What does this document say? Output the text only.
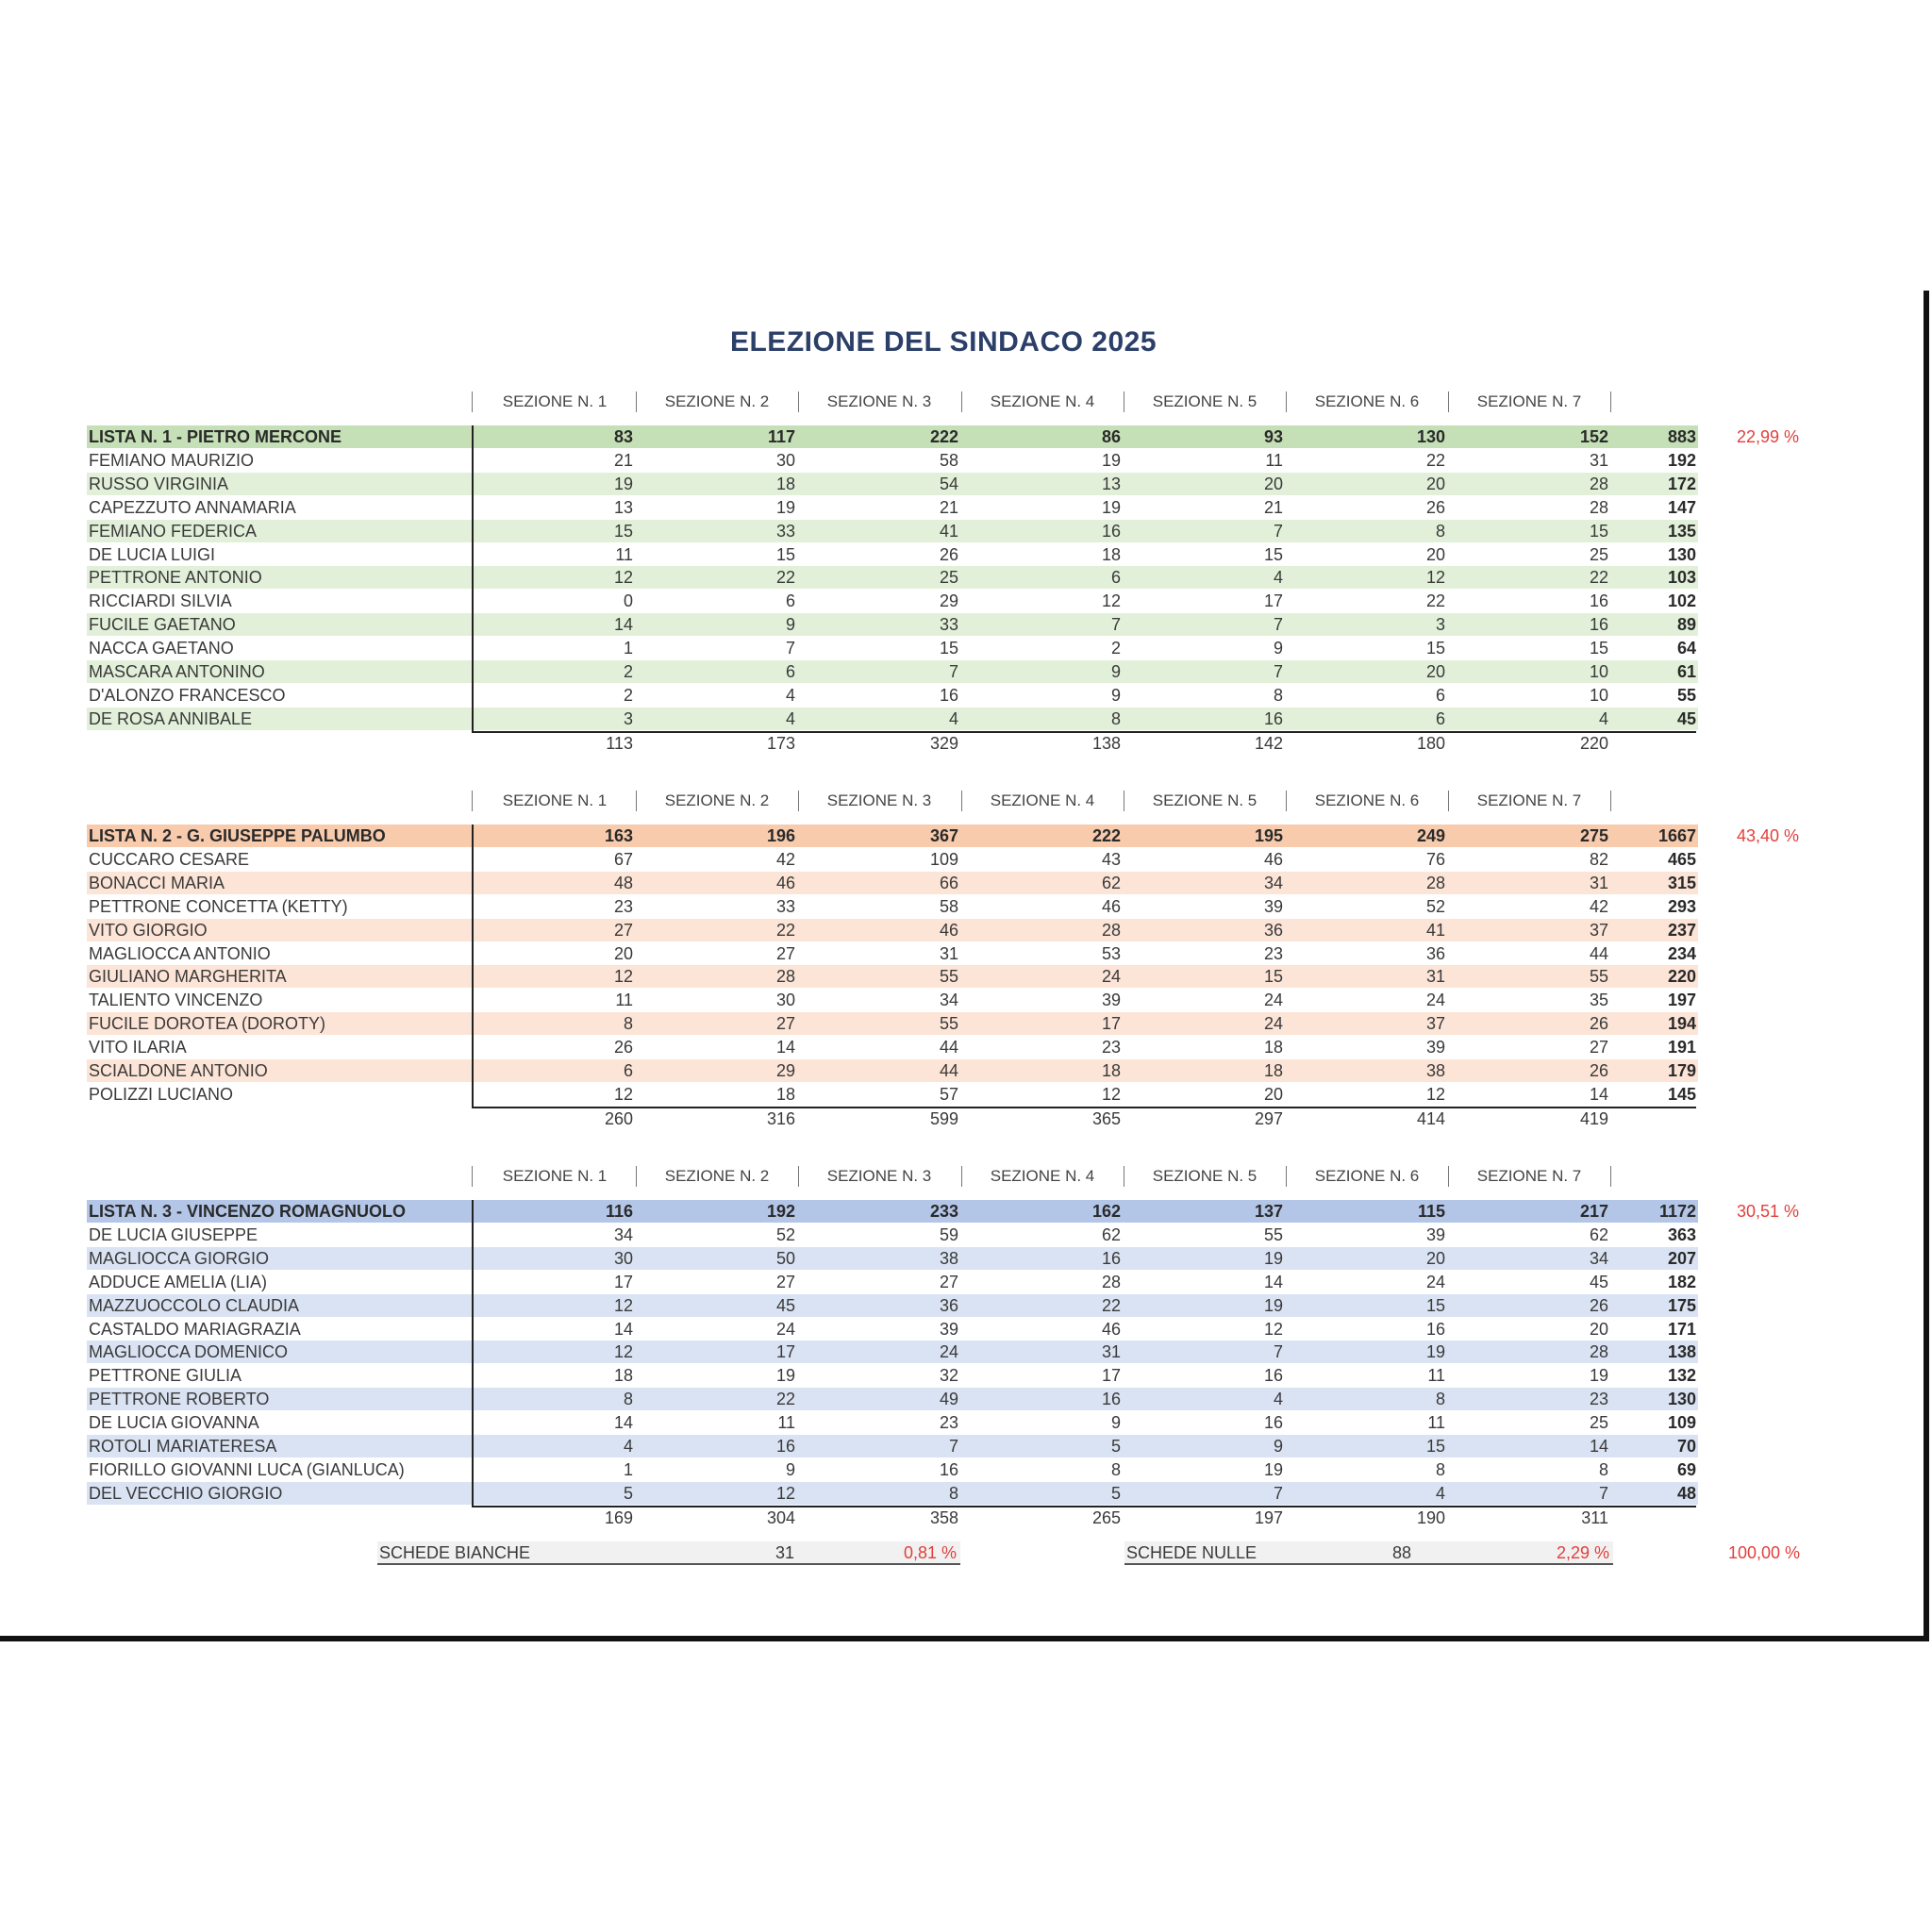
ELEZIONE DEL SINDACO 2025
SCHEDE BIANCHE	31	0,81 %	SCHEDE NULLE	88	2,29 %	100,00 %
SEZIONE N. 1	SEZIONE N. 2	SEZIONE N. 3	SEZIONE N. 4	SEZIONE N. 5	SEZIONE N. 6	SEZIONE N. 7
LISTA N. 1 - PIETRO MERCONE	83	117	222	86	93	130	152	883	22,99 %
FEMIANO MAURIZIO	21	30	58	19	11	22	31	192
RUSSO VIRGINIA	19	18	54	13	20	20	28	172
CAPEZZUTO ANNAMARIA	13	19	21	19	21	26	28	147
FEMIANO FEDERICA	15	33	41	16	7	8	15	135
DE LUCIA LUIGI	11	15	26	18	15	20	25	130
PETTRONE ANTONIO	12	22	25	6	4	12	22	103
RICCIARDI SILVIA	0	6	29	12	17	22	16	102
FUCILE GAETANO	14	9	33	7	7	3	16	89
NACCA GAETANO	1	7	15	2	9	15	15	64
MASCARA ANTONINO	2	6	7	9	7	20	10	61
D'ALONZO FRANCESCO	2	4	16	9	8	6	10	55
DE ROSA ANNIBALE	3	4	4	8	16	6	4	45
113	173	329	138	142	180	220
SEZIONE N. 1	SEZIONE N. 2	SEZIONE N. 3	SEZIONE N. 4	SEZIONE N. 5	SEZIONE N. 6	SEZIONE N. 7
LISTA N. 2 - G. GIUSEPPE PALUMBO	163	196	367	222	195	249	275	1667	43,40 %
CUCCARO CESARE	67	42	109	43	46	76	82	465
BONACCI MARIA	48	46	66	62	34	28	31	315
PETTRONE CONCETTA (KETTY)	23	33	58	46	39	52	42	293
VITO GIORGIO	27	22	46	28	36	41	37	237
MAGLIOCCA ANTONIO	20	27	31	53	23	36	44	234
GIULIANO MARGHERITA	12	28	55	24	15	31	55	220
TALIENTO VINCENZO	11	30	34	39	24	24	35	197
FUCILE DOROTEA (DOROTY)	8	27	55	17	24	37	26	194
VITO ILARIA	26	14	44	23	18	39	27	191
SCIALDONE ANTONIO	6	29	44	18	18	38	26	179
POLIZZI LUCIANO	12	18	57	12	20	12	14	145
260	316	599	365	297	414	419
SEZIONE N. 1	SEZIONE N. 2	SEZIONE N. 3	SEZIONE N. 4	SEZIONE N. 5	SEZIONE N. 6	SEZIONE N. 7
LISTA N. 3 - VINCENZO ROMAGNUOLO	116	192	233	162	137	115	217	1172	30,51 %
DE LUCIA GIUSEPPE	34	52	59	62	55	39	62	363
MAGLIOCCA GIORGIO	30	50	38	16	19	20	34	207
ADDUCE AMELIA (LIA)	17	27	27	28	14	24	45	182
MAZZUOCCOLO CLAUDIA	12	45	36	22	19	15	26	175
CASTALDO MARIAGRAZIA	14	24	39	46	12	16	20	171
MAGLIOCCA DOMENICO	12	17	24	31	7	19	28	138
PETTRONE GIULIA	18	19	32	17	16	11	19	132
PETTRONE ROBERTO	8	22	49	16	4	8	23	130
DE LUCIA GIOVANNA	14	11	23	9	16	11	25	109
ROTOLI MARIATERESA	4	16	7	5	9	15	14	70
FIORILLO GIOVANNI LUCA (GIANLUCA)	1	9	16	8	19	8	8	69
DEL VECCHIO GIORGIO	5	12	8	5	7	4	7	48
169	304	358	265	197	190	311
